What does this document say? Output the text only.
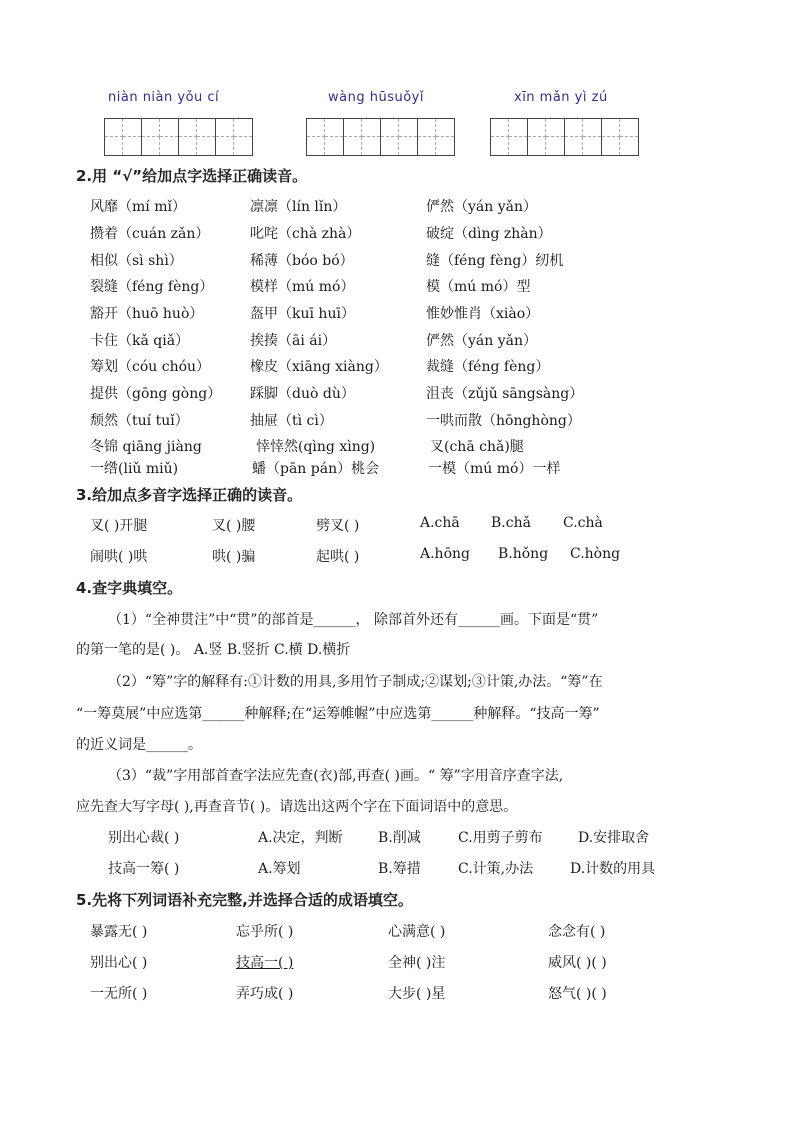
niàn niàn yǒu cí	wàng hūsuǒyǐ	xīn mǎn yì zú
2.用 “√”给加点字选择正确读音。
风靡（mí mǐ）	凛凛（lín lǐn）	俨然（yán yǎn）
攒着（cuán zǎn）	叱咤（chà zhà）	破绽（dìng zhàn）
相似（sì shì）	稀薄（bóo bó）	缝（féng fèng）纫机
裂缝（féng fèng）	模样（mú mó）	模（mú mó）型
豁开（huō huò）	盔甲（kuī huī）	惟妙惟肖（xiào）
卡住（kǎ qiǎ）	挨揍（āi ái）	俨然（yán yǎn）
筹划（cóu chóu）	橡皮（xiāng xiàng）	裁缝（féng fèng）
提供（gōng gòng） 踩脚（duò dù）	沮丧（zǔjǔ sāngsàng）
颓然（tuí tuǐ）	抽屉（tì cì）	一哄而散（hōnghòng）
冬锦 qiāng jiàng	悻悻然(qìng xìng)	叉(chā chǎ)腿
一绺(liǔ miǔ)	蟠（pān pán）桃会	一模（mú mó）一样
3.给加点多音字选择正确的读音。
叉( )开腿	叉( )腰	劈叉( )	A.chā B.chǎ C.chà
闹哄( )哄	哄( )骗	起哄( )	A.hōng B.hǒng C.hòng
4.查字典填空。
（1）“全神贯注”中“贯”的部首是______， 除部首外还有______画。下面是“贯”
的第一笔的是( )。 A.竖 B.竖折 C.横 D.横折
（2）“筹”字的解释有:①计数的用具,多用竹子制成;②谋划;③计策,办法。“筹”在
“一筹莫展”中应选第______种解释;在“运筹帷幄”中应选第______种解释。“技高一筹”
的近义词是______。
（3）“裁”字用部首查字法应先查(衣)部,再查( )画。“ 筹”字用音序查字法,
应先查大写字母( ),再查音节( )。请选出这两个字在下面词语中的意思。
别出心裁( )	A.决定，判断	B.削减	C.用剪子剪布	D.安排取舍
技高一筹( )	A.筹划	B.筹措	C.计策,办法	D.计数的用具
5.先将下列词语补充完整,并选择合适的成语填空。
暴露无( )	忘乎所( )	心满意( )	念念有( )
别出心( )	技高一( )	全神( )注	威风( )( )
一无所( )	弄巧成( )	大步( )星	怒气( )( )
